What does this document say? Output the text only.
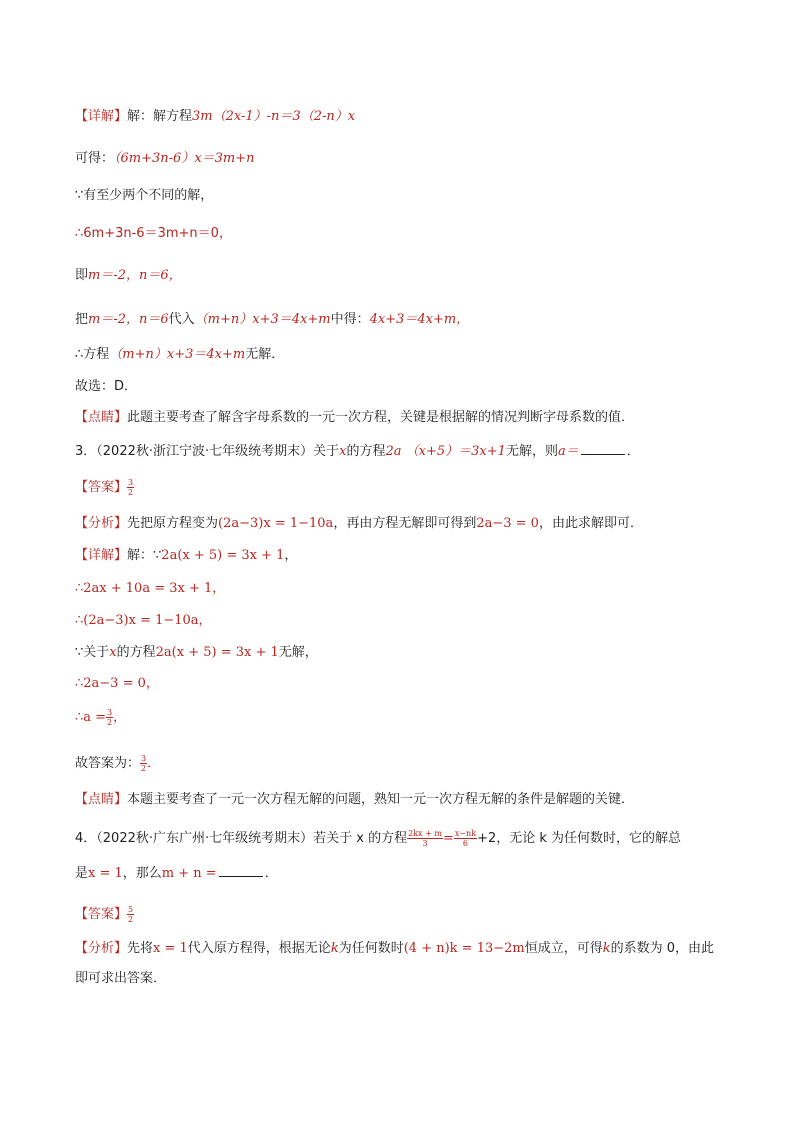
【详解】解：解方程3m（2x-1）-n＝3（2-n）x
可得：（6m+3n-6）x＝3m+n
∵有至少两个不同的解，
∴6m+3n-6＝3m+n＝0，
即m＝-2，n＝6，
把m＝-2，n＝6代入（m+n）x+3＝4x+m中得：4x+3＝4x+m，
∴方程（m+n）x+3＝4x+m无解．
故选：D．
【点睛】此题主要考查了解含字母系数的一元一次方程，关键是根据解的情况判断字母系数的值．
3．（2022秋·浙江宁波·七年级统考期末）关于x的方程2a （x+5）＝3x+1无解，则a＝	．
【答案】 $\frac{3}{2}$
【分析】先把原方程变为(2a−3)x = 1−10a，再由方程无解即可得到2a−3 = 0，由此求解即可．
【详解】解：∵2a(x + 5) = 3x + 1，
∴2ax + 10a = 3x + 1，
∴(2a−3)x = 1−10a，
∵关于x的方程2a(x + 5) = 3x + 1无解，
∴2a−3 = 0，
∴a = $\frac{3}{2}$ ，
故答案为： $\frac{3}{2}$ ．
【点睛】本题主要考查了一元一次方程无解的问题，熟知一元一次方程无解的条件是解题的关键．
4．（2022秋·广东广州·七年级统考期末）若关于 x 的方程 $\frac{2kx + m}{3} = \frac{x-nk}{6} +2$，无论 k 为任何数时，它的解总
是x = 1，那么m + n =	．
【答案】 $\frac{5}{2}$
【分析】先将x = 1代入原方程得，根据无论k为任何数时(4 + n)k = 13−2m恒成立，可得k的系数为 0，由此即可求出答案．
